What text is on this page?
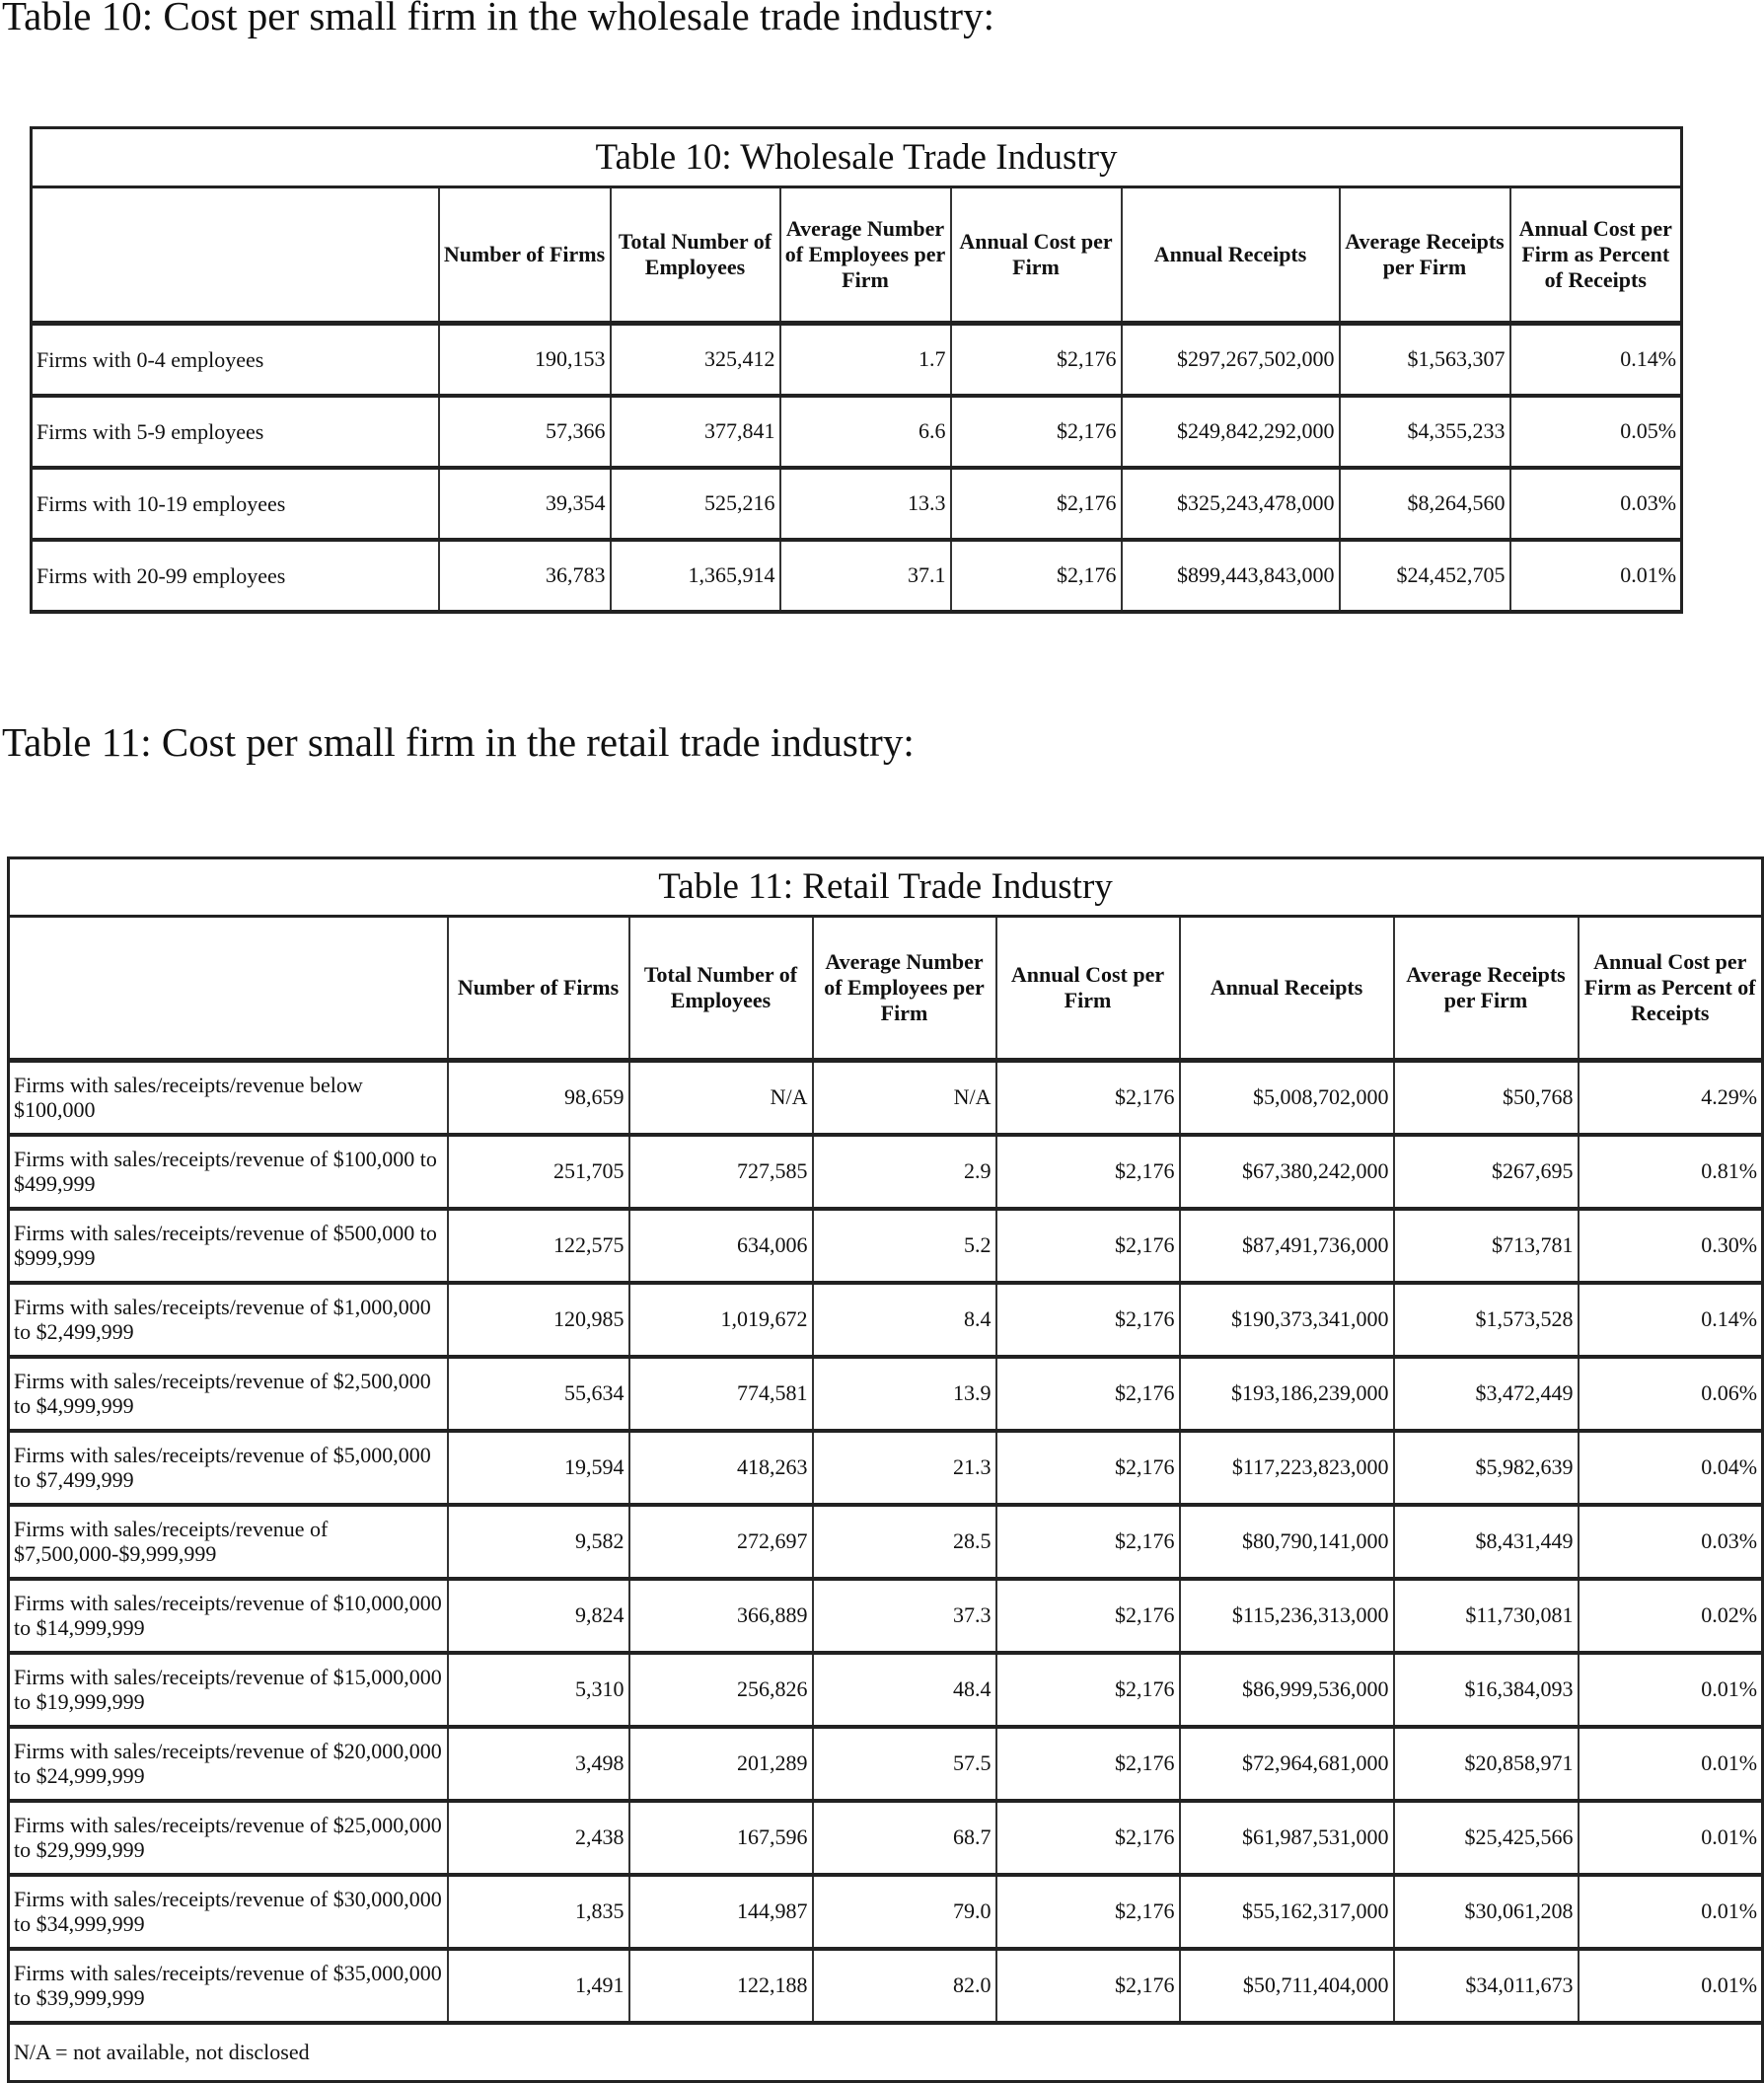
Table 10: Cost per small firm in the wholesale trade industry:
Table 10: Wholesale Trade Industry							
	Number of Firms	Total Number of Employees	Average Number of Employees per Firm	Annual Cost per Firm	Annual Receipts	Average Receipts per Firm	Annual Cost per Firm as Percent of Receipts
Firms with 0-4 employees	190,153	325,412	1.7	$2,176	$297,267,502,000	$1,563,307	0.14%
Firms with 5-9 employees	57,366	377,841	6.6	$2,176	$249,842,292,000	$4,355,233	0.05%
Firms with 10-19 employees	39,354	525,216	13.3	$2,176	$325,243,478,000	$8,264,560	0.03%
Firms with 20-99 employees	36,783	1,365,914	37.1	$2,176	$899,443,843,000	$24,452,705	0.01%
Table 11: Cost per small firm in the retail trade industry:
Table 11: Retail Trade Industry							
	Number of Firms	Total Number of Employees	Average Number of Employees per Firm	Annual Cost per Firm	Annual Receipts	Average Receipts per Firm	Annual Cost per Firm as Percent of Receipts
Firms with sales/receipts/revenue below $100,000	98,659	N/A	N/A	$2,176	$5,008,702,000	$50,768	4.29%
Firms with sales/receipts/revenue of $100,000 to $499,999	251,705	727,585	2.9	$2,176	$67,380,242,000	$267,695	0.81%
Firms with sales/receipts/revenue of $500,000 to $999,999	122,575	634,006	5.2	$2,176	$87,491,736,000	$713,781	0.30%
Firms with sales/receipts/revenue of $1,000,000 to $2,499,999	120,985	1,019,672	8.4	$2,176	$190,373,341,000	$1,573,528	0.14%
Firms with sales/receipts/revenue of $2,500,000 to $4,999,999	55,634	774,581	13.9	$2,176	$193,186,239,000	$3,472,449	0.06%
Firms with sales/receipts/revenue of $5,000,000 to $7,499,999	19,594	418,263	21.3	$2,176	$117,223,823,000	$5,982,639	0.04%
Firms with sales/receipts/revenue of $7,500,000-$9,999,999	9,582	272,697	28.5	$2,176	$80,790,141,000	$8,431,449	0.03%
Firms with sales/receipts/revenue of $10,000,000 to $14,999,999	9,824	366,889	37.3	$2,176	$115,236,313,000	$11,730,081	0.02%
Firms with sales/receipts/revenue of $15,000,000 to $19,999,999	5,310	256,826	48.4	$2,176	$86,999,536,000	$16,384,093	0.01%
Firms with sales/receipts/revenue of $20,000,000 to $24,999,999	3,498	201,289	57.5	$2,176	$72,964,681,000	$20,858,971	0.01%
Firms with sales/receipts/revenue of $25,000,000 to $29,999,999	2,438	167,596	68.7	$2,176	$61,987,531,000	$25,425,566	0.01%
Firms with sales/receipts/revenue of $30,000,000 to $34,999,999	1,835	144,987	79.0	$2,176	$55,162,317,000	$30,061,208	0.01%
Firms with sales/receipts/revenue of $35,000,000 to $39,999,999	1,491	122,188	82.0	$2,176	$50,711,404,000	$34,011,673	0.01%
N/A = not available, not disclosed							
